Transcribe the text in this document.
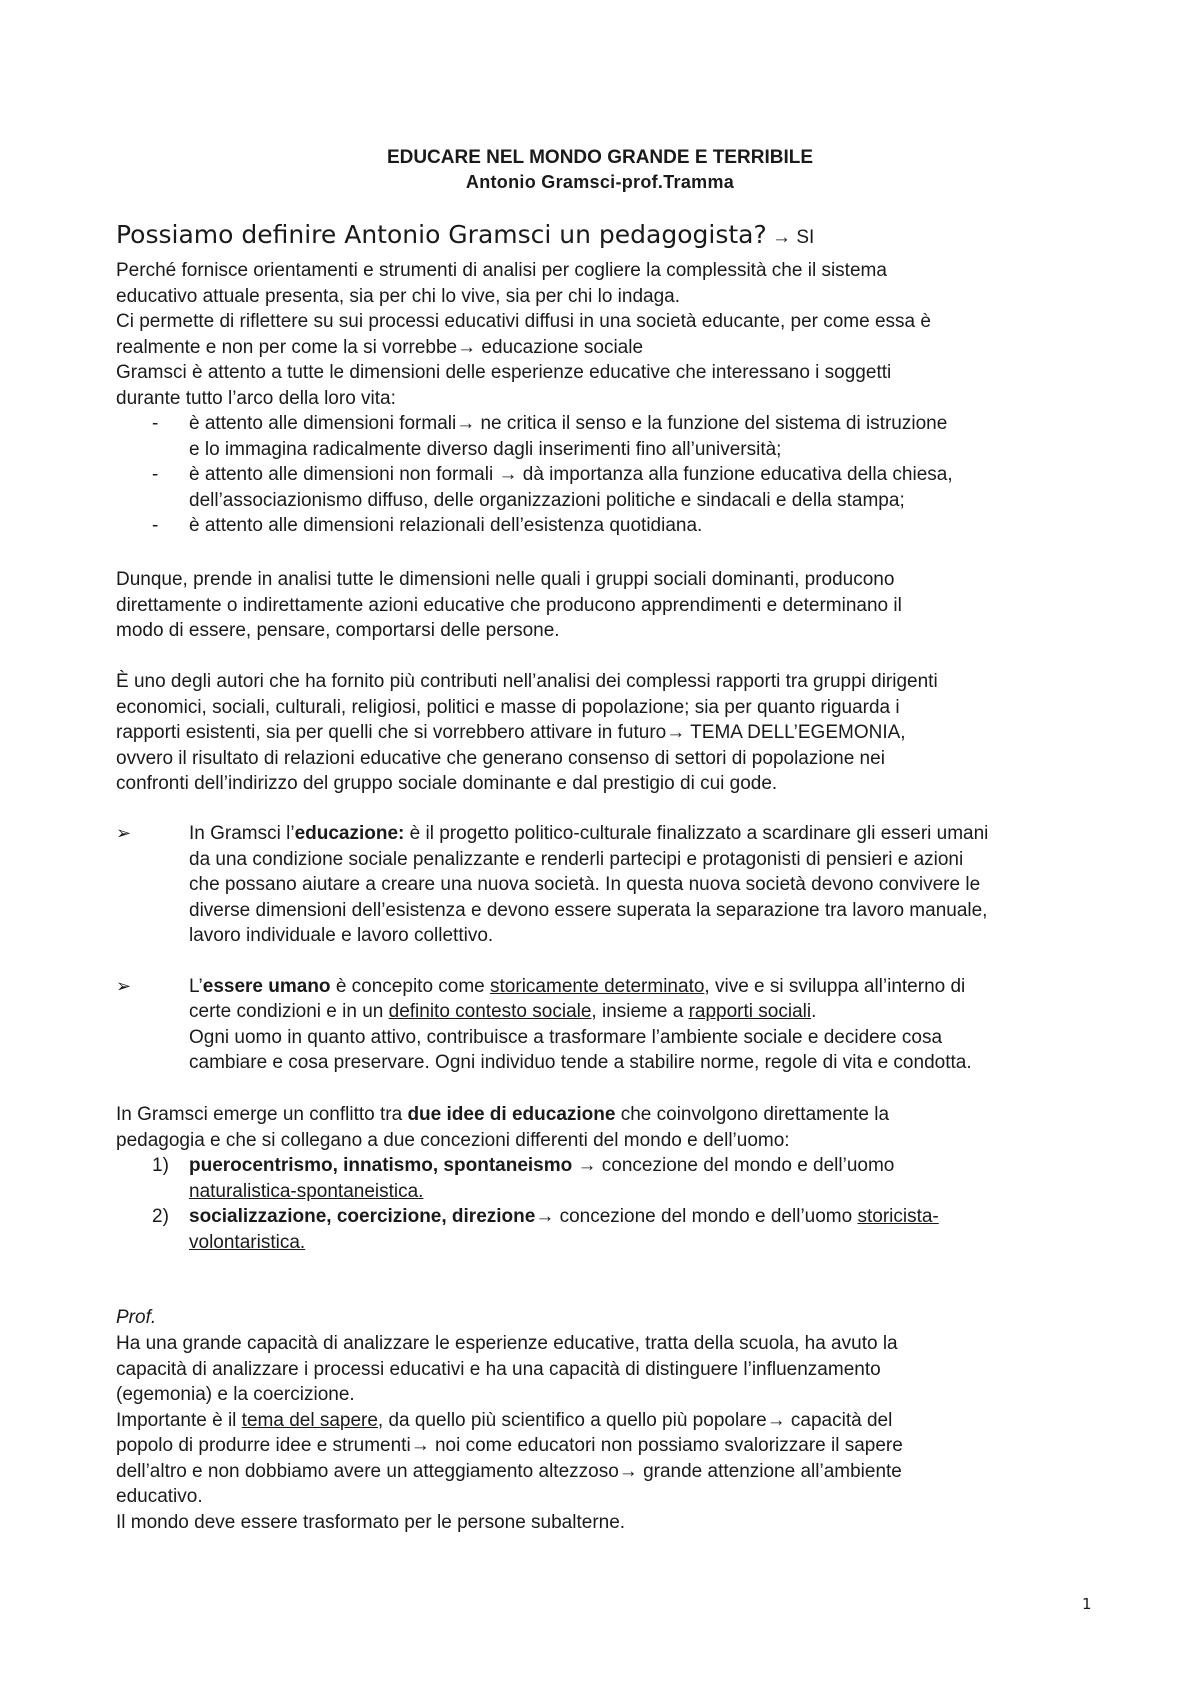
EDUCARE NEL MONDO GRANDE E TERRIBILE
Antonio Gramsci-prof.Tramma
Possiamo definire Antonio Gramsci un pedagogista? → SI
Perché fornisce orientamenti e strumenti di analisi per cogliere la complessità che il sistema
educativo attuale presenta, sia per chi lo vive, sia per chi lo indaga.
Ci permette di riflettere su sui processi educativi diffusi in una società educante, per come essa è
realmente e non per come la si vorrebbe→ educazione sociale
Gramsci è attento a tutte le dimensioni delle esperienze educative che interessano i soggetti
durante tutto l’arco della loro vita:
- è attento alle dimensioni formali→ ne critica il senso e la funzione del sistema di istruzione
e lo immagina radicalmente diverso dagli inserimenti fino all’università;
- è attento alle dimensioni non formali → dà importanza alla funzione educativa della chiesa,
dell’associazionismo diffuso, delle organizzazioni politiche e sindacali e della stampa;
- è attento alle dimensioni relazionali dell’esistenza quotidiana.
Dunque, prende in analisi tutte le dimensioni nelle quali i gruppi sociali dominanti, producono
direttamente o indirettamente azioni educative che producono apprendimenti e determinano il
modo di essere, pensare, comportarsi delle persone.
È uno degli autori che ha fornito più contributi nell’analisi dei complessi rapporti tra gruppi dirigenti
economici, sociali, culturali, religiosi, politici e masse di popolazione; sia per quanto riguarda i
rapporti esistenti, sia per quelli che si vorrebbero attivare in futuro→ TEMA DELL’EGEMONIA,
ovvero il risultato di relazioni educative che generano consenso di settori di popolazione nei
confronti dell’indirizzo del gruppo sociale dominante e dal prestigio di cui gode.
➢	In Gramsci l’educazione: è il progetto politico-culturale finalizzato a scardinare gli esseri umani
da una condizione sociale penalizzante e renderli partecipi e protagonisti di pensieri e azioni
che possano aiutare a creare una nuova società. In questa nuova società devono convivere le
diverse dimensioni dell’esistenza e devono essere superata la separazione tra lavoro manuale,
lavoro individuale e lavoro collettivo.
➢	L’essere umano è concepito come storicamente determinato, vive e si sviluppa all’interno di
certe condizioni e in un definito contesto sociale, insieme a rapporti sociali.
Ogni uomo in quanto attivo, contribuisce a trasformare l’ambiente sociale e decidere cosa
cambiare e cosa preservare. Ogni individuo tende a stabilire norme, regole di vita e condotta.
In Gramsci emerge un conflitto tra due idee di educazione che coinvolgono direttamente la
pedagogia e che si collegano a due concezioni differenti del mondo e dell’uomo:
1) puerocentrismo, innatismo, spontaneismo → concezione del mondo e dell’uomo
naturalistica-spontaneistica.
2) socializzazione, coercizione, direzione→ concezione del mondo e dell’uomo storicista-
volontaristica.
Prof.
Ha una grande capacità di analizzare le esperienze educative, tratta della scuola, ha avuto la
capacità di analizzare i processi educativi e ha una capacità di distinguere l’influenzamento
(egemonia) e la coercizione.
Importante è il tema del sapere, da quello più scientifico a quello più popolare→ capacità del
popolo di produrre idee e strumenti→ noi come educatori non possiamo svalorizzare il sapere
dell’altro e non dobbiamo avere un atteggiamento altezzoso→ grande attenzione all’ambiente
educativo.
Il mondo deve essere trasformato per le persone subalterne.
1
